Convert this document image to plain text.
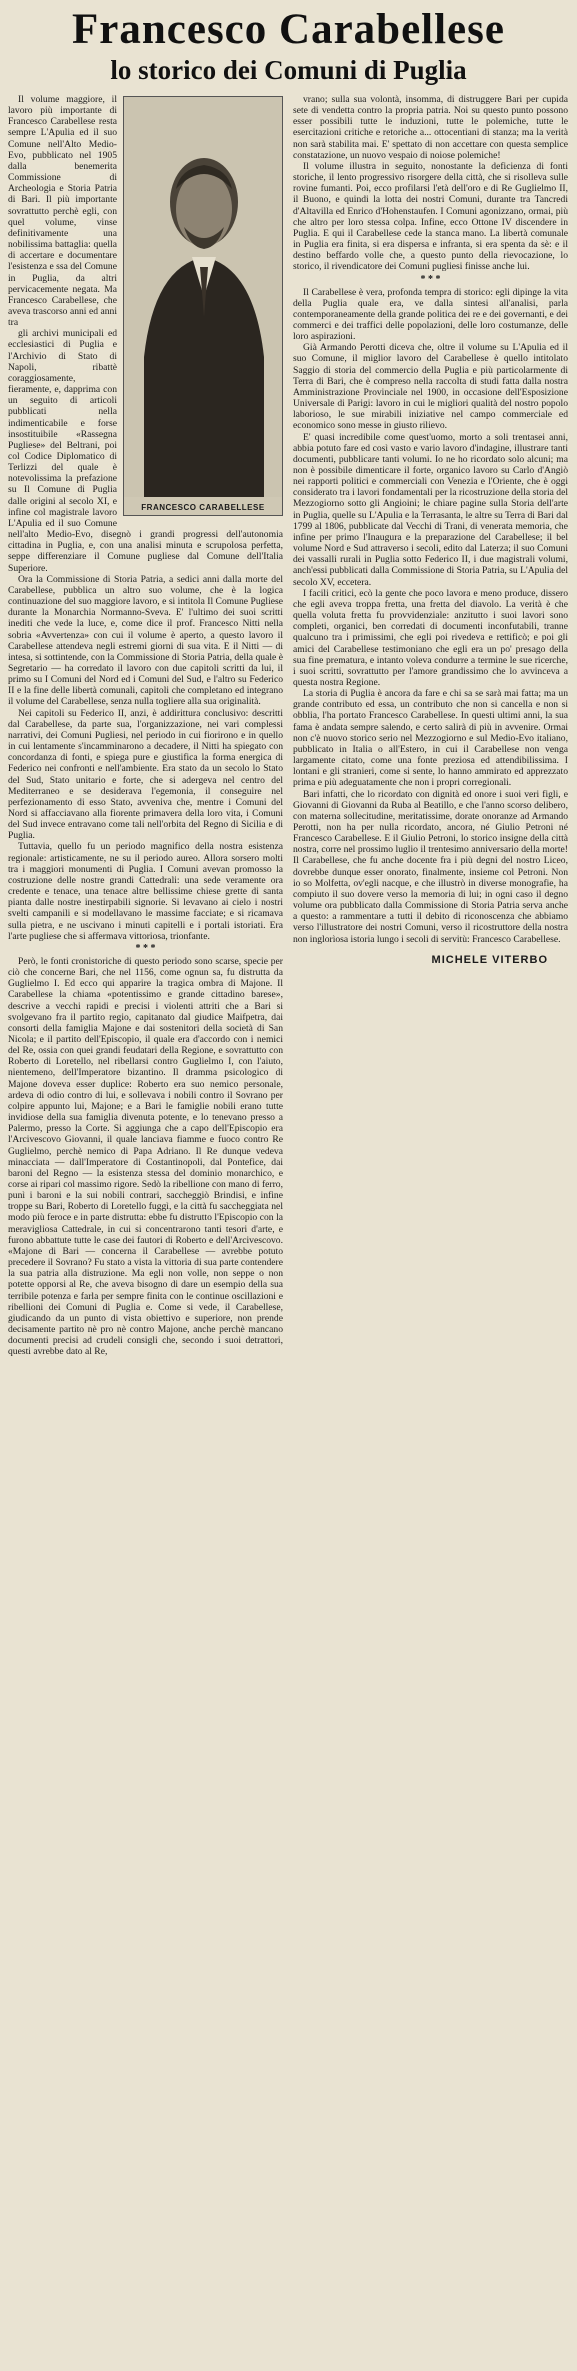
Francesco Carabellese
lo storico dei Comuni di Puglia
FRANCESCO CARABELLESE

Il volume maggiore, il lavoro più importante di Francesco Carabellese resta sempre L'Apulia ed il suo Comune nell'Alto Medio-Evo, pubblicato nel 1905 dalla benemerita Commissione di Archeologia e Storia Patria di Bari. Il più importante sovrattutto perchè egli, con quel volume, vinse definitivamente una nobilissima battaglia: quella di accertare e documentare l'esistenza e ssa del Comune in Puglia, da altri pervicacemente negata. Ma Francesco Carabellese, che aveva trascorso anni ed anni tra

gli archivi municipali ed ecclesiastici di Puglia e l'Archivio di Stato di Napoli, ribattè coraggiosamente, fieramente, e, dapprima con un seguito di articoli pubblicati nella indimenticabile e forse insostituibile «Rassegna Pugliese» del Beltrani, poi col Codice Diplomatico di Terlizzi del quale è notevolissima la prefazione su Il Comune di Puglia dalle origini al secolo XI, e infine col magistrale lavoro L'Apulia ed il suo Comune nell'alto Medio-Evo, disegnò i grandi progressi dell'autonomia cittadina in Puglia, e, con una analisi minuta e scrupolosa perfetta, seppe differenziare il Comune pugliese dal Comune dell'Italia Superiore.

Ora la Commissione di Storia Patria, a sedici anni dalla morte del Carabellese, pubblica un altro suo volume, che è la logica continuazione del suo maggiore lavoro, e si intitola Il Comune Pugliese durante la Monarchia Normanno-Sveva. E' l'ultimo dei suoi scritti inediti che vede la luce, e, come dice il prof. Francesco Nitti nella sobria «Avvertenza» con cui il volume è aperto, a questo lavoro il Carabellese attendeva negli estremi giorni di sua vita. E il Nitti — di intesa, si sottintende, con la Commissione di Storia Patria, della quale è Segretario — ha corredato il lavoro con due capitoli scritti da lui, il primo su I Comuni del Nord ed i Comuni del Sud, e l'altro su Federico II e la fine delle libertà comunali, capitoli che completano ed integrano il volume del Carabellese, senza nulla togliere alla sua originalità.

Nei capitoli su Federico II, anzi, è addirittura conclusivo: descritti dal Carabellese, da parte sua, l'organizzazione, nei vari complessi narrativi, dei Comuni Pugliesi, nel periodo in cui fiorirono e in quello in cui lentamente s'incamminarono a decadere, il Nitti ha spiegato con concordanza di fonti, e spiega pure e giustifica la forma energica di Federico nei confronti e nell'ambiente. Era stato da un secolo lo Stato del Sud, Stato unitario e forte, che si adergeva nel centro del Mediterraneo e se desiderava l'egemonia, il conseguire nel perfezionamento di esso Stato, avveniva che, mentre i Comuni del Nord si affacciavano alla fiorente primavera della loro vita, i Comuni del Sud invece entravano come tali nell'orbita del Regno di Sicilia e di Puglia.

Tuttavia, quello fu un periodo magnifico della nostra esistenza regionale: artisticamente, ne su il periodo aureo. Allora sorsero molti tra i maggiori monumenti di Puglia. I Comuni avevan promosso la costruzione delle nostre grandi Cattedrali: una sede veramente ora credente e tenace, una tenace altre bellissime chiese grette di santa pianta dalle nostre inestirpabili signorie. Si levavano ai cielo i nostri svelti campanili e si modellavano le massime facciate; e si ricamava sulla pietra, e ne uscivano i minuti capitelli e i portali istoriati. Era l'arte pugliese che si affermava vittoriosa, trionfante.

* * *

Però, le fonti cronistoriche di questo periodo sono scarse, specie per ciò che concerne Bari, che nel 1156, come ognun sa, fu distrutta da Guglielmo I. Ed ecco qui apparire la tragica ombra di Majone. Il Carabellese la chiama «potentissimo e grande cittadino barese», descrive a vecchi rapidi e precisi i violenti attriti che a Bari si svolgevano fra il partito regio, capitanato dal giudice Maifpetra, dai consorti della famiglia Majone e dai sostenitori della società di San Nicola; e il partito dell'Episcopio, il quale era d'accordo con i nemici del Re, ossia con quei grandi feudatari della Regione, e sovrattutto con Roberto di Loretello, nel ribellarsi contro Guglielmo I, con l'aiuto, nientemeno, dell'Imperatore bizantino. Il dramma psicologico di Majone doveva esser duplice: Roberto era suo nemico personale, ardeva di odio contro di lui, e sollevava i nobili contro il Sovrano per colpire appunto lui, Majone; e a Bari le famiglie nobili erano tutte invidiose della sua famiglia divenuta potente, e lo tenevano presso a Palermo, presso la Corte. Si aggiunga che a capo dell'Episcopio era l'Arcivescovo Giovanni, il quale lanciava fiamme e fuoco contro Re Guglielmo, perchè nemico di Papa Adriano. Il Re dunque vedeva minacciata — dall'Imperatore di Costantinopoli, dal Pontefice, dai baroni del Regno — la esistenza stessa del dominio monarchico, e corse ai ripari col massimo rigore. Sedò la ribellione con mano di ferro, punì i baroni e la sui nobili contrari, saccheggiò Brindisi, e infine troppe su Bari, Roberto di Loretello fuggì, e la città fu saccheggiata nel modo più feroce e in parte distrutta: ebbe fu distrutto l'Episcopio con la meravigliosa Cattedrale, in cui si concentrarono tanti tesori d'arte, e furono abbattute tutte le case dei fautori di Roberto e dell'Arcivescovo. «Majone di Bari — concerna il Carabellese — avrebbe potuto precedere il Sovrano? Fu stato a vista la vittoria di sua parte contendere la sua patria alla distruzione. Ma egli non volle, non seppe o non potette opporsi al Re, che aveva bisogno di dare un esempio della sua terribile potenza e farla per sempre finita con le continue oscillazioni e ribellioni dei Comuni di Puglia e. Come si vede, il Carabellese, giudicando da un punto di vista obiettivo e superiore, non prende decisamente partito nè pro nè contro Majone, anche perchè mancano documenti precisi ad crudeli consigli che, secondo i suoi detrattori, questi avrebbe dato al Re,

vrano; sulla sua volontà, insomma, di distruggere Bari per cupida sete di vendetta contro la propria patria. Noi su questo punto possono esser possibili tutte le induzioni, tutte le polemiche, tutte le esercitazioni critiche e retoriche a... ottocentiani di stanza; ma la verità non sarà stabilita mai. E' spettato di non accettare con questa semplice constatazione, un nuovo vespaio di noiose polemiche!

Il volume illustra in seguito, nonostante la deficienza di fonti storiche, il lento progressivo risorgere della città, che si risolleva sulle rovine fumanti. Poi, ecco profilarsi l'età dell'oro e di Re Guglielmo II, il Buono, e quindi la lotta dei nostri Comuni, durante tra Tancredi d'Altavilla ed Enrico d'Hohenstaufen. I Comuni agonizzano, ormai, più che altro per loro stessa colpa. Infine, ecco Ottone IV discendere in Puglia. E qui il Carabellese cede la stanca mano. La libertà comunale in Puglia era finita, si era dispersa e infranta, si era spenta da sè: e il destino beffardo volle che, a questo punto della rievocazione, lo storico, il rivendicatore dei Comuni pugliesi finisse anche lui.

* * *

Il Carabellese è vera, profonda tempra di storico: egli dipinge la vita della Puglia quale era, ve dalla sintesi all'analisi, parla contemporaneamente della grande politica dei re e dei governanti, e dei commerci e dei traffici delle popolazioni, delle loro costumanze, delle loro aspirazioni.

Già Armando Perotti diceva che, oltre il volume su L'Apulia ed il suo Comune, il miglior lavoro del Carabellese è quello intitolato Saggio di storia del commercio della Puglia e più particolarmente di Terra di Bari, che è compreso nella raccolta di studi fatta dalla nostra Amministrazione Provinciale nel 1900, in occasione dell'Esposizione Universale di Parigi: lavoro in cui le migliori qualità del nostro popolo laborioso, le sue mirabili iniziative nel campo commerciale ed economico sono messe in giusto rilievo.

E' quasi incredibile come quest'uomo, morto a soli trentasei anni, abbia potuto fare ed così vasto e vario lavoro d'indagine, illustrare tanti documenti, pubblicare tanti volumi. Io ne ho ricordato solo alcuni; ma non è possibile dimenticare il forte, organico lavoro su Carlo d'Angiò nei rapporti politici e commerciali con Venezia e l'Oriente, che è oggi considerato tra i lavori fondamentali per la ricostruzione della storia del Mezzogiorno sotto gli Angioini; le chiare pagine sulla Storia dell'arte in Puglia, quelle su L'Apulia e la Terrasanta, le altre su Terra di Bari dal 1799 al 1806, pubblicate dal Vecchi di Trani, di venerata memoria, che infine per primo l'Inaugura e la preparazione del Carabellese; il bel volume Nord e Sud attraverso i secoli, edito dal Laterza; il suo Comuni dei vassalli rurali in Puglia sotto Federico II, i due magistrali volumi, anch'essi pubblicati dalla Commissione di Storia Patria, su L'Apulia del secolo XV, eccetera.

I facili critici, ecò la gente che poco lavora e meno produce, dissero che egli aveva troppa fretta, una fretta del diavolo. La verità è che quella voluta fretta fu provvidenziale: anzitutto i suoi lavori sono completi, organici, ben corredati di documenti inconfutabili, tranne qualcuno tra i primissimi, che egli poi rivedeva e rettificò; e poi gli amici del Carabellese testimoniano che egli era un po' presago della sua fine prematura, e intanto voleva condurre a termine le sue ricerche, i suoi scritti, sovrattutto per l'amore grandissimo che lo avvinceva a questa nostra Regione.

La storia di Puglia è ancora da fare e chi sa se sarà mai fatta; ma un grande contributo ed essa, un contributo che non si cancella e non si obblia, l'ha portato Francesco Carabellese. In questi ultimi anni, la sua fama è andata sempre salendo, e certo salirà di più in avvenire. Ormai non c'è nuovo storico serio nel Mezzogiorno e sul Medio-Evo italiano, pubblicato in Italia o all'Estero, in cui il Carabellese non venga largamente citato, come una fonte preziosa ed attendibilissima. I lontani e gli stranieri, come si sente, lo hanno ammirato ed apprezzato prima e più adeguatamente che non i propri corregionali.

Bari infatti, che lo ricordato con dignità ed onore i suoi veri figli, e Giovanni di Giovanni da Ruba al Beatillo, e che l'anno scorso delibero, con materna sollecitudine, meritatissime, dorate onoranze ad Armando Perotti, non ha per nulla ricordato, ancora, né Giulio Petroni né Francesco Carabellese. E il Giulio Petroni, lo storico insigne della città nostra, corre nel prossimo luglio il trentesimo anniversario della morte! Il Carabellese, che fu anche docente fra i più degni del nostro Liceo, dovrebbe dunque esser onorato, finalmente, insieme col Petroni. Non io so Molfetta, ov'egli nacque, e che illustrò in diverse monografie, ha compiuto il suo dovere verso la memoria di lui; in ogni caso il degno volume ora pubblicato dalla Commissione di Storia Patria serva anche a questo: a rammentare a tutti il debito di riconoscenza che abbiamo verso l'illustratore dei nostri Comuni, verso il ricostruttore della nostra non inglorìosa istoria lungo i secoli di servitù: Francesco Carabellese.

MICHELE VITERBO
